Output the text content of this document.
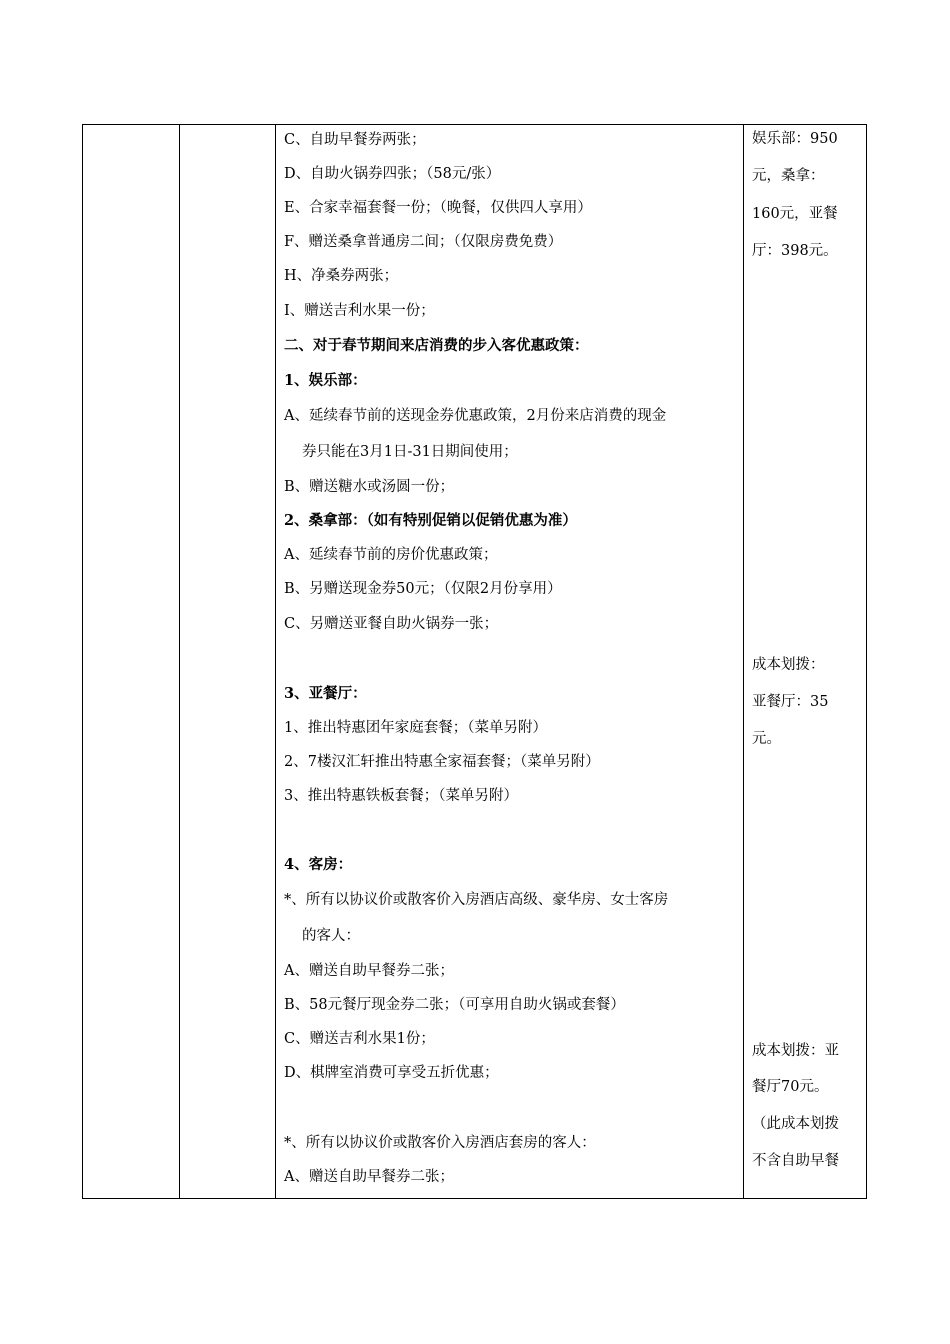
C、自助早餐券两张；
D、自助火锅券四张；（58元/张）
E、合家幸福套餐一份；（晚餐，仅供四人享用）
F、赠送桑拿普通房二间；（仅限房费免费）
H、净桑券两张；
I、赠送吉利水果一份；
二、对于春节期间来店消费的步入客优惠政策：
1、娱乐部：
A、延续春节前的送现金券优惠政策，2月份来店消费的现金
券只能在3月1日-31日期间使用；
B、赠送糖水或汤圆一份；
2、桑拿部：（如有特别促销以促销优惠为准）
A、延续春节前的房价优惠政策；
B、另赠送现金券50元；（仅限2月份享用）
C、另赠送亚餐自助火锅券一张；
3、亚餐厅：
1、推出特惠团年家庭套餐；（菜单另附）
2、7楼汉汇轩推出特惠全家福套餐；（菜单另附）
3、推出特惠铁板套餐；（菜单另附）
4、客房：
*、所有以协议价或散客价入房酒店高级、豪华房、女士客房
的客人：
A、赠送自助早餐券二张；
B、58元餐厅现金券二张；（可享用自助火锅或套餐）
C、赠送吉利水果1份；
D、棋牌室消费可享受五折优惠；
*、所有以协议价或散客价入房酒店套房的客人：
A、赠送自助早餐券二张；
娱乐部：950
元，桑拿：
160元，亚餐
厅：398元。
成本划拨：
亚餐厅：35
元。
成本划拨：亚
餐厅70元。
（此成本划拨
不含自助早餐
